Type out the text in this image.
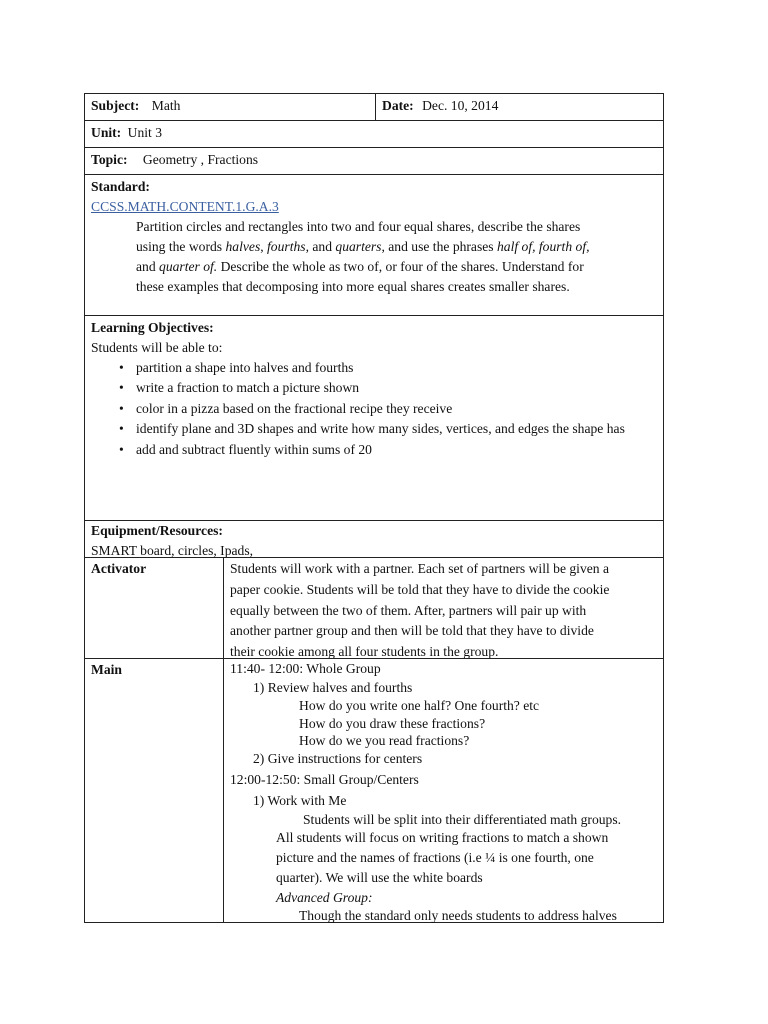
Subject: Math	Date: Dec. 10, 2014
Unit: Unit 3
Topic: Geometry , Fractions
Standard:
CCSS.MATH.CONTENT.1.G.A.3
Partition circles and rectangles into two and four equal shares, describe the shares
using the words halves, fourths, and quarters, and use the phrases half of, fourth of,
and quarter of. Describe the whole as two of, or four of the shares. Understand for
these examples that decomposing into more equal shares creates smaller shares.
Learning Objectives:
Students will be able to:
• partition a shape into halves and fourths
• write a fraction to match a picture shown
• color in a pizza based on the fractional recipe they receive
• identify plane and 3D shapes and write how many sides, vertices, and edges the shape has
• add and subtract fluently within sums of 20
Equipment/Resources:
SMART board, circles, Ipads,
Activator	Students will work with a partner. Each set of partners will be given a
paper cookie. Students will be told that they have to divide the cookie
equally between the two of them. After, partners will pair up with
another partner group and then will be told that they have to divide
their cookie among all four students in the group.
Main	11:40- 12:00: Whole Group
1) Review halves and fourths
How do you write one half? One fourth? etc
How do you draw these fractions?
How do we you read fractions?
2) Give instructions for centers
12:00-12:50: Small Group/Centers
1) Work with Me
Students will be split into their differentiated math groups.
All students will focus on writing fractions to match a shown
picture and the names of fractions (i.e ¼ is one fourth, one
quarter). We will use the white boards
Advanced Group:
Though the standard only needs students to address halves
